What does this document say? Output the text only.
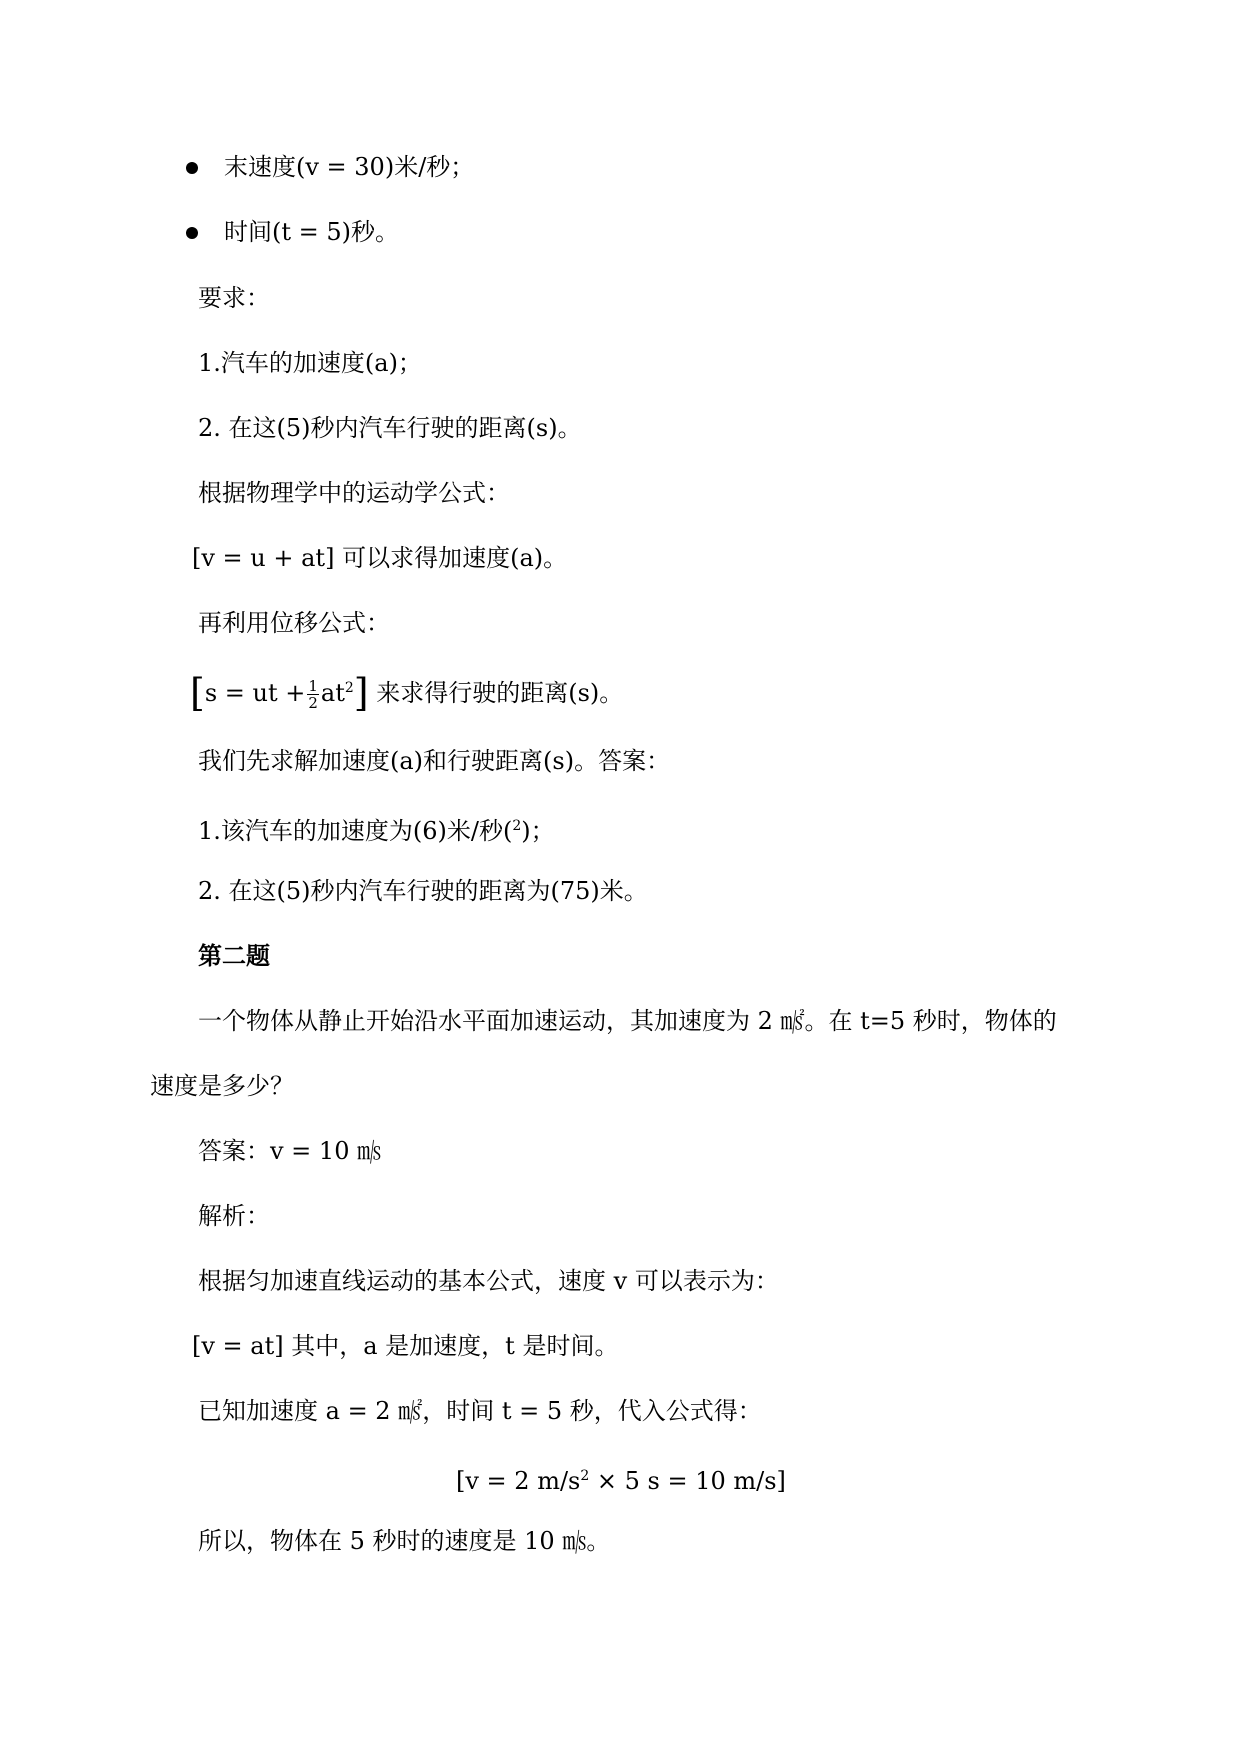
末速度(v = 30)米/秒；
时间(t = 5)秒。
要求：
1.汽车的加速度(a)；
2. 在这(5)秒内汽车行驶的距离(s)。
根据物理学中的运动学公式：
[v = u + at] 可以求得加速度(a)。
再利用位移公式：
[s = ut + $\frac{1}{2} at^2$] 来求得行驶的距离(s)。
我们先求解加速度(a)和行驶距离(s)。答案：
1.该汽车的加速度为(6)米/秒($^2$)；
2. 在这(5)秒内汽车行驶的距离为(75)米。
第二题
一个物体从静止开始沿水平面加速运动，其加速度为 2 ㎨。在 t=5 秒时，物体的
速度是多少？
答案：v = 10 ㎧
解析：
根据匀加速直线运动的基本公式，速度 v 可以表示为：
[v = at] 其中，a 是加速度，t 是时间。
已知加速度 a = 2 ㎨，时间 t = 5 秒，代入公式得：
[v = 2 $m/s^2 \times 5$ s = 10 m/s]
所以，物体在 5 秒时的速度是 10 ㎧。
